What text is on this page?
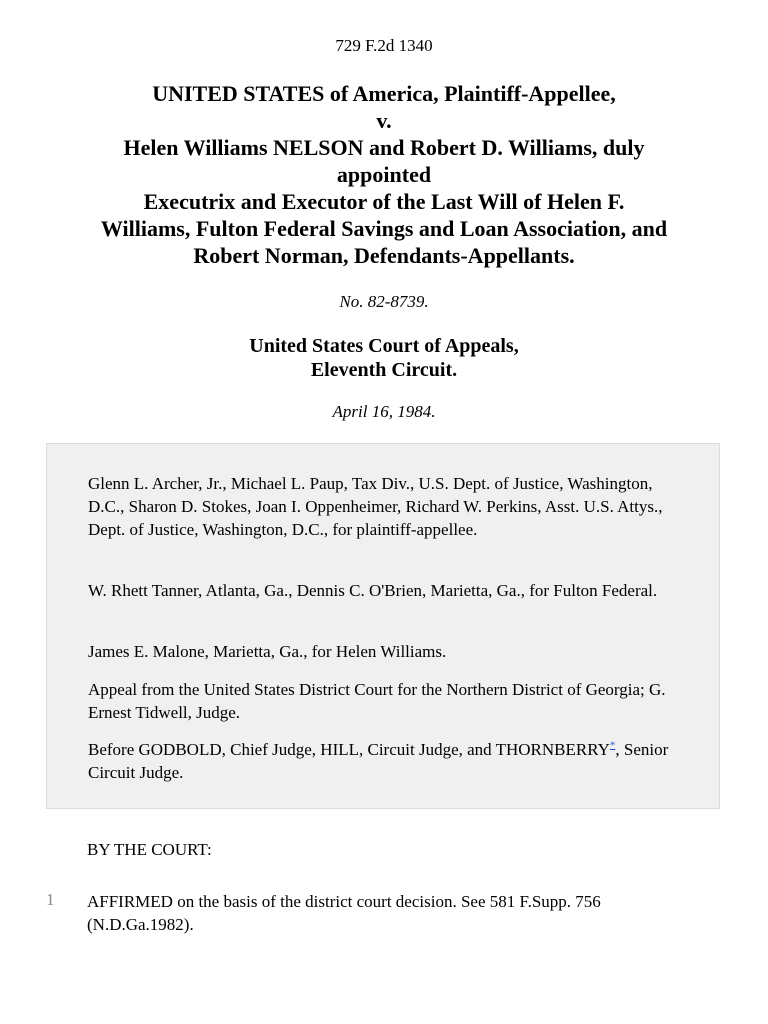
729 F.2d 1340
UNITED STATES of America, Plaintiff-Appellee,
v.
Helen Williams NELSON and Robert D. Williams, duly
appointed
Executrix and Executor of the Last Will of Helen F.
Williams, Fulton Federal Savings and Loan Association, and
Robert Norman, Defendants-Appellants.
No. 82-8739.
United States Court of Appeals,
Eleventh Circuit.
April 16, 1984.

Glenn L. Archer, Jr., Michael L. Paup, Tax Div., U.S. Dept. of Justice, Washington, D.C., Sharon D. Stokes, Joan I. Oppenheimer, Richard W. Perkins, Asst. U.S. Attys., Dept. of Justice, Washington, D.C., for plaintiff-appellee.

W. Rhett Tanner, Atlanta, Ga., Dennis C. O'Brien, Marietta, Ga., for Fulton Federal.

James E. Malone, Marietta, Ga., for Helen Williams.

Appeal from the United States District Court for the Northern District of Georgia; G. Ernest Tidwell, Judge.

Before GODBOLD, Chief Judge, HILL, Circuit Judge, and THORNBERRY*, Senior Circuit Judge.

BY THE COURT:
1 AFFIRMED on the basis of the district court decision. See 581 F.Supp. 756 (N.D.Ga.1982).
